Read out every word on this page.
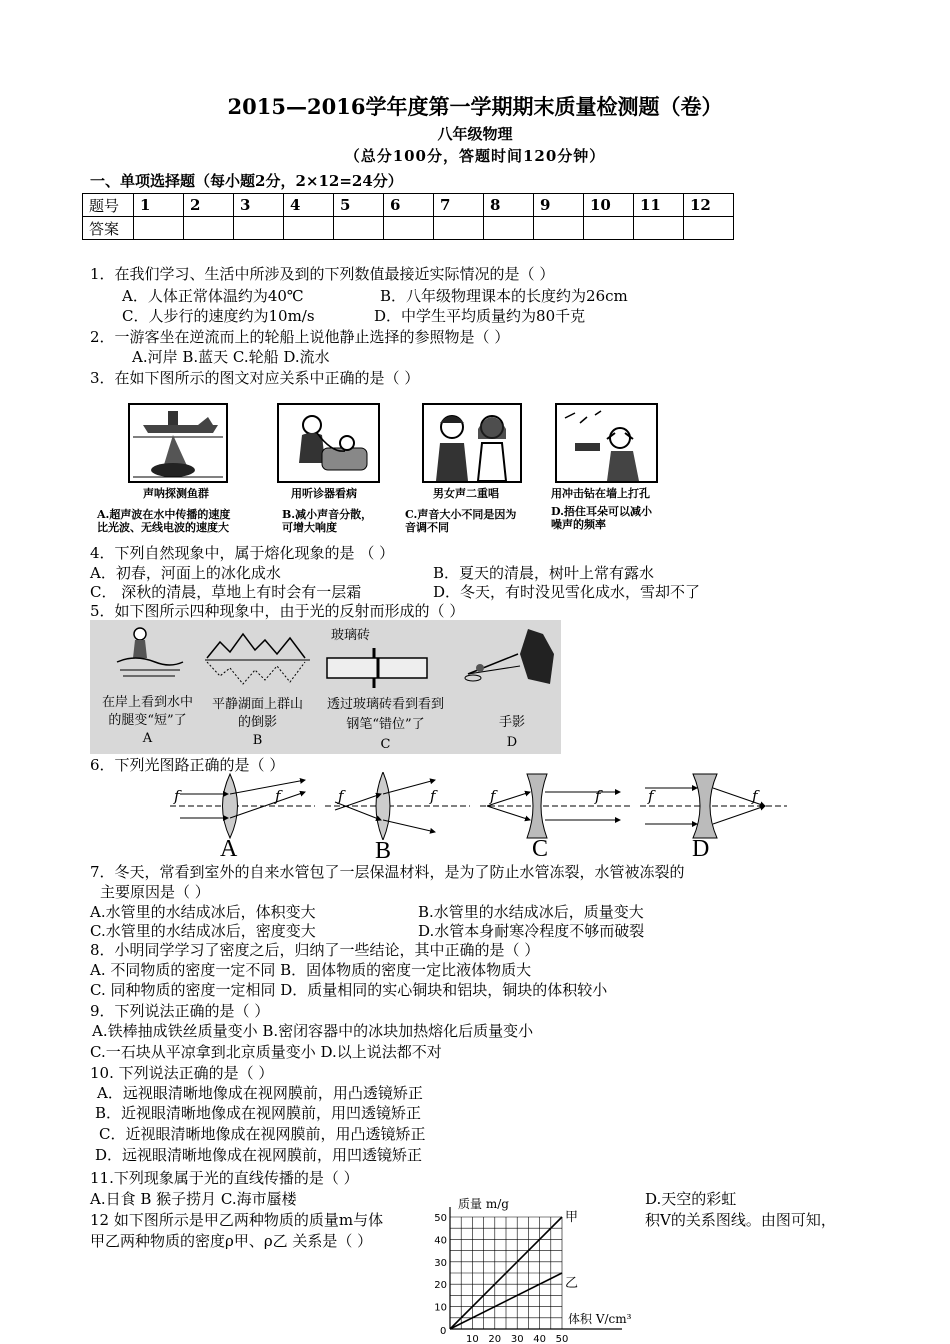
2015—2016学年度第一学期期末质量检测题（卷）
八年级物理
（总分100分，答题时间120分钟）
一、单项选择题（每小题2分，2×12=24分）
题号	1	2	3	4	5	6	7	8	9	10	11	12
答案												
1．在我们学习、生活中所涉及到的下列数值最接近实际情况的是（ ）
A．人体正常体温约为40℃	B．八年级物理课本的长度约为26cm
C．人步行的速度约为10m/s	D．中学生平均质量约为80千克
2．一游客坐在逆流而上的轮船上说他静止选择的参照物是（ ）
A.河岸 B.蓝天 C.轮船 D.流水
3．在如下图所示的图文对应关系中正确的是（ ）
声呐探测鱼群
A.超声波在水中传播的速度
比光波、无线电波的速度大
用听诊器看病
B.减小声音分散，
可增大响度
男女声二重唱
C.声音大小不同是因为
音调不同
用冲击钻在墙上打孔
D.捂住耳朵可以减小
噪声的频率
4．下列自然现象中，属于熔化现象的是 （ ）
A．初春，河面上的冰化成水	B．夏天的清晨，树叶上常有露水
C． 深秋的清晨，草地上有时会有一层霜	D．冬天，有时没见雪化成水，雪却不了
5．如下图所示四种现象中，由于光的反射而形成的（ ）
玻璃砖
在岸上看到水中
的腿变“短”了
A
平静湖面上群山
的倒影
B
透过玻璃砖看到看到
钢笔“错位”了
C
手影
D
6．下列光图路正确的是（ ）
f	f	f	f	f	f	f	f
A	B	C	D
7．冬天，常看到室外的自来水管包了一层保温材料，是为了防止水管冻裂，水管被冻裂的
主要原因是（ ）
A.水管里的水结成冰后，体积变大	B.水管里的水结成冰后，质量变大
C.水管里的水结成冰后，密度变大	D.水管本身耐寒冷程度不够而破裂
8．小明同学学习了密度之后，归纳了一些结论，其中正确的是（ ）
A. 不同物质的密度一定不同 B．固体物质的密度一定比液体物质大
C. 同种物质的密度一定相同 D．质量相同的实心铜块和铝块，铜块的体积较小
9．下列说法正确的是（ ）
A.铁棒抽成铁丝质量变小 B.密闭容器中的冰块加热熔化后质量变小
C.一石块从平凉拿到北京质量变小 D.以上说法都不对
10. 下列说法正确的是（ ）
A．远视眼清晰地像成在视网膜前，用凸透镜矫正
B．近视眼清晰地像成在视网膜前，用凹透镜矫正
C．近视眼清晰地像成在视网膜前，用凸透镜矫正
D．远视眼清晰地像成在视网膜前，用凹透镜矫正
11.下列现象属于光的直线传播的是（ ）
A.日食 B 猴子捞月 C.海市蜃楼	D.天空的彩虹
12 如下图所示是甲乙两种物质的质量m与体	积V的关系图线。由图可知，
甲乙两种物质的密度ρ甲、ρ乙 关系是（ ）
甲
乙
10
20
30
40
50
10 20 30 40 50
0
质量 m/g
体积 V/cm³
